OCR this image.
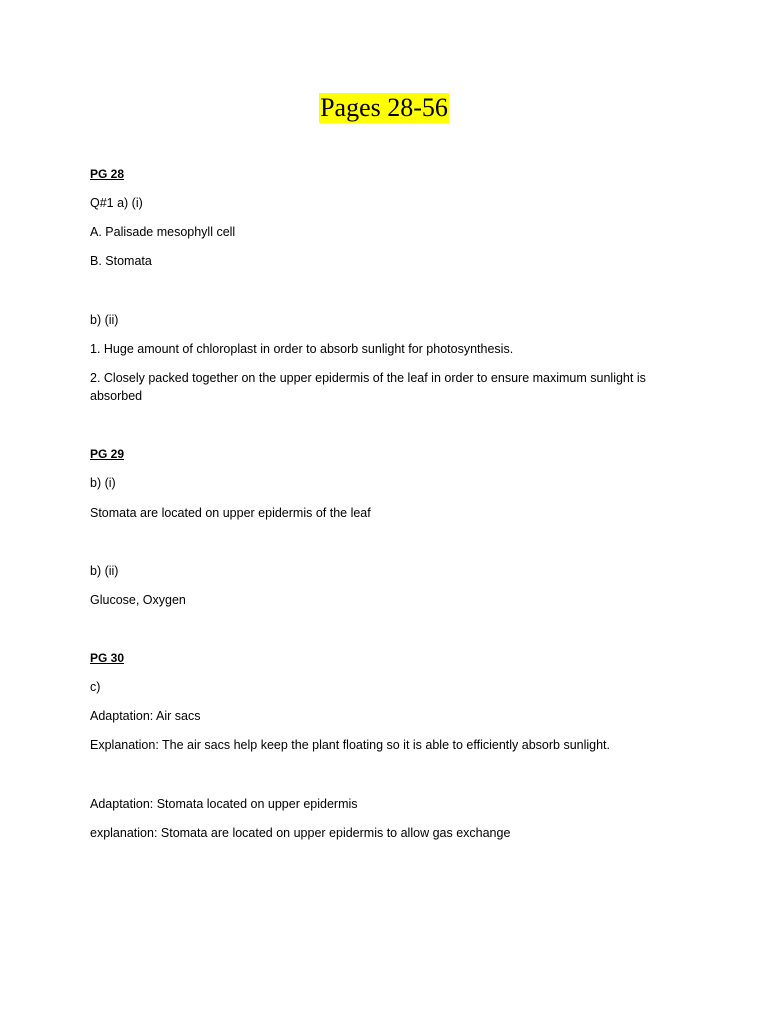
Pages 28-56
PG 28
Q#1 a) (i)
A. Palisade mesophyll cell
B. Stomata
b) (ii)
1. Huge amount of chloroplast in order to absorb sunlight for photosynthesis.
2. Closely packed together on the upper epidermis of the leaf in order to ensure maximum sunlight is absorbed
PG 29
b) (i)
Stomata are located on upper epidermis of the leaf
b) (ii)
Glucose, Oxygen
PG 30
c)
Adaptation: Air sacs
Explanation: The air sacs help keep the plant floating so it is able to efficiently absorb sunlight.
Adaptation: Stomata located on upper epidermis
explanation: Stomata are located on upper epidermis to allow gas exchange
